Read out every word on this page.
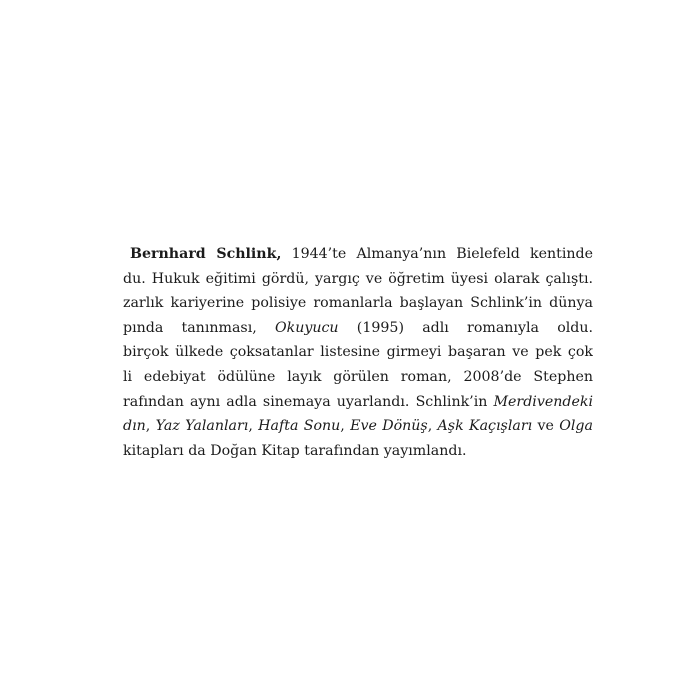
Bernhard Schlink, 1944’te Almanya’nın Bielefeld kentinde
du. Hukuk eğitimi gördü, yargıç ve öğretim üyesi olarak çalıştı.
zarlık kariyerine polisiye romanlarla başlayan Schlink’in dünya
pında tanınması, Okuyucu (1995) adlı romanıyla oldu.
birçok ülkede çoksatanlar listesine girmeyi başaran ve pek çok
li edebiyat ödülüne layık görülen roman, 2008’de Stephen
rafından aynı adla sinemaya uyarlandı. Schlink’in Merdivendeki
dın, Yaz Yalanları, Hafta Sonu, Eve Dönüş, Aşk Kaçışları ve Olga
kitapları da Doğan Kitap tarafından yayımlandı.
